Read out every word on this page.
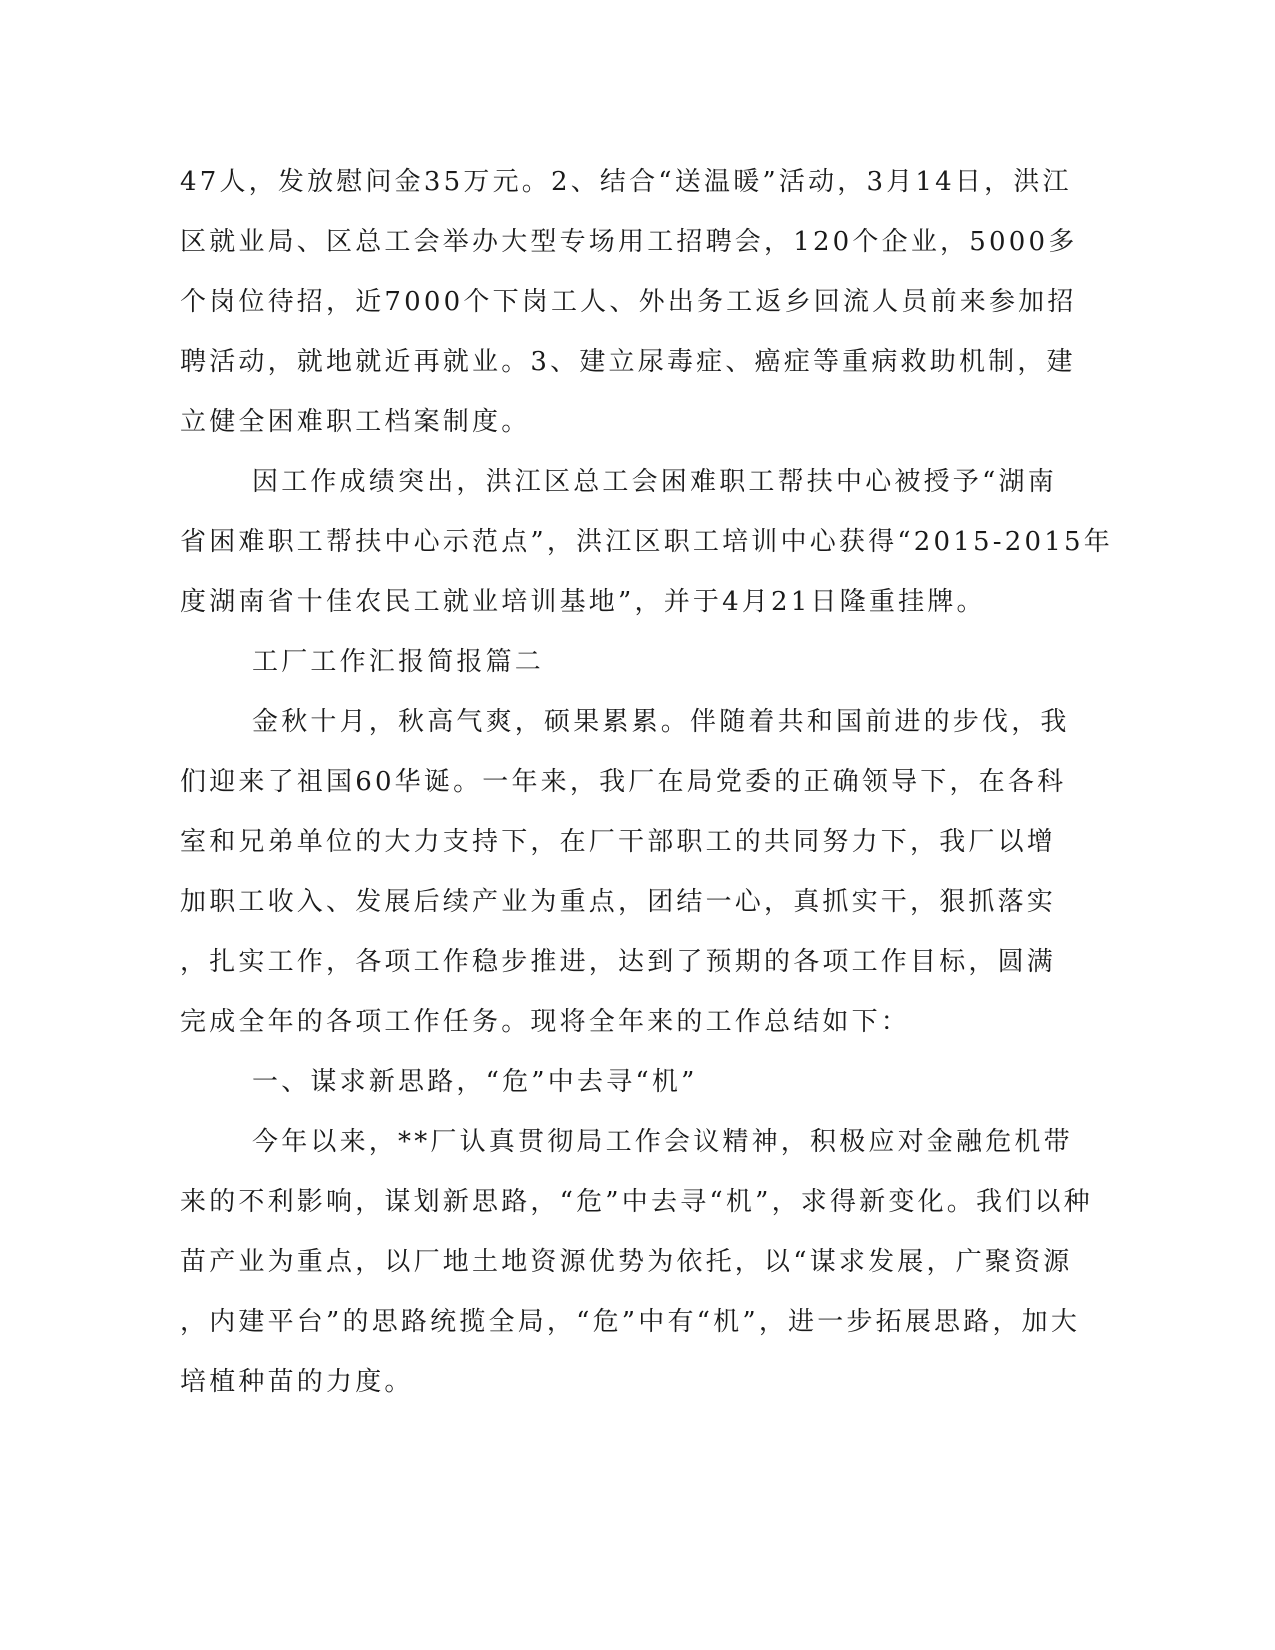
47人，发放慰问金35万元。2、结合“送温暖”活动，3月14日，洪江
区就业局、区总工会举办大型专场用工招聘会，120个企业，5000多
个岗位待招，近7000个下岗工人、外出务工返乡回流人员前来参加招
聘活动，就地就近再就业。3、建立尿毒症、癌症等重病救助机制，建
立健全困难职工档案制度。
因工作成绩突出，洪江区总工会困难职工帮扶中心被授予“湖南
省困难职工帮扶中心示范点”，洪江区职工培训中心获得“2015-2015年
度湖南省十佳农民工就业培训基地”，并于4月21日隆重挂牌。
工厂工作汇报简报篇二
金秋十月，秋高气爽，硕果累累。伴随着共和国前进的步伐，我
们迎来了祖国60华诞。一年来，我厂在局党委的正确领导下，在各科
室和兄弟单位的大力支持下，在厂干部职工的共同努力下，我厂以增
加职工收入、发展后续产业为重点，团结一心，真抓实干，狠抓落实
，扎实工作，各项工作稳步推进，达到了预期的各项工作目标，圆满
完成全年的各项工作任务。现将全年来的工作总结如下：
一、谋求新思路，“危”中去寻“机”
今年以来，**厂认真贯彻局工作会议精神，积极应对金融危机带
来的不利影响，谋划新思路，“危”中去寻“机”，求得新变化。我们以种
苗产业为重点，以厂地土地资源优势为依托，以“谋求发展，广聚资源
，内建平台”的思路统揽全局，“危”中有“机”，进一步拓展思路，加大
培植种苗的力度。
